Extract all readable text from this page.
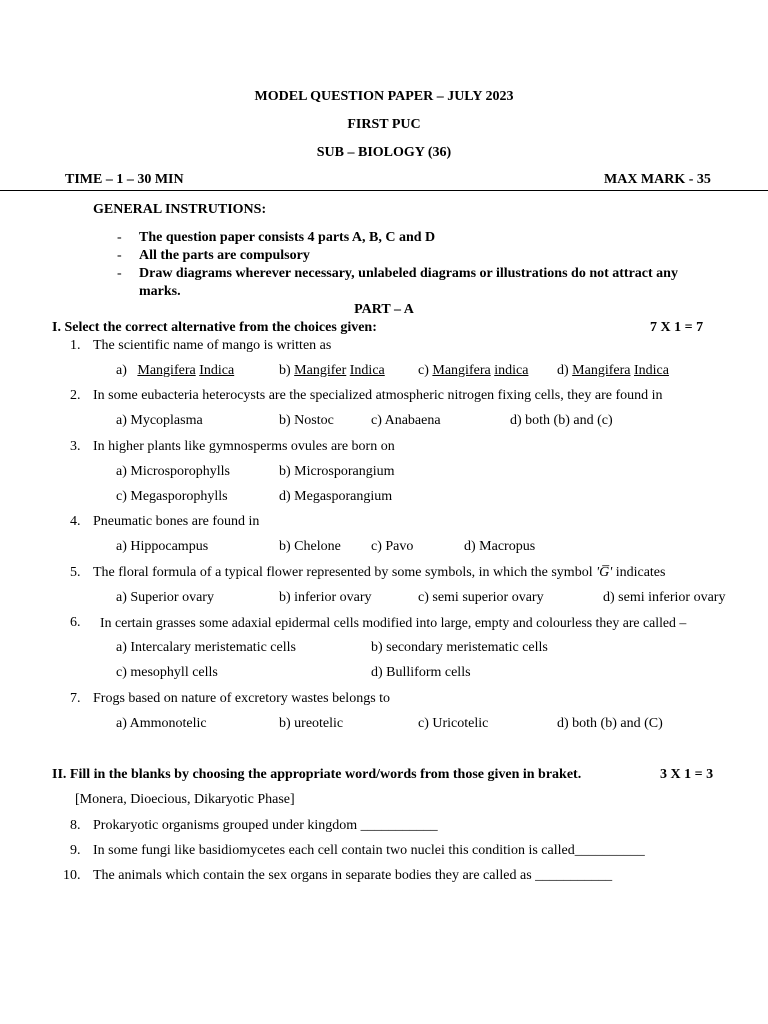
MODEL QUESTION PAPER – JULY 2023
FIRST PUC
SUB – BIOLOGY (36)
TIME – 1 – 30 MIN	MAX MARK - 35
GENERAL INSTRUTIONS:
- The question paper consists 4 parts A, B, C and D
- All the parts are compulsory
- Draw diagrams wherever necessary, unlabeled diagrams or illustrations do not attract any
marks.
PART – A
I. Select the correct alternative from the choices given:	7 X 1 = 7
1. The scientific name of mango is written as
a) Mangifera Indica	b) Mangifer Indica c) Mangifera indica d) Mangifera Indica
2. In some eubacteria heterocysts are the specialized atmospheric nitrogen fixing cells, they are found in
a) Mycoplasma	b) Nostoc	c) Anabaena	d) both (b) and (c)
3. In higher plants like gymnosperms ovules are born on
a) Microsporophylls	b) Microsporangium
c) Megasporophylls	d) Megasporangium
4. Pneumatic bones are found in
a) Hippocampus	b) Chelone c) Pavo	d) Macropus
5. The floral formula of a typical flower represented by some symbols, in which the symbol 'G̅' indicates
a) Superior ovary	b) inferior ovary	c) semi superior ovary	d) semi inferior ovary
6. In certain grasses some adaxial epidermal cells modified into large, empty and colourless they are called –
a) Intercalary meristematic cells	b) secondary meristematic cells
c) mesophyll cells	d) Bulliform cells
7. Frogs based on nature of excretory wastes belongs to
a) Ammonotelic	b) ureotelic	c) Uricotelic	d) both (b) and (C)
II. Fill in the blanks by choosing the appropriate word/words from those given in braket.	3 X 1 = 3
[Monera, Dioecious, Dikaryotic Phase]
8. Prokaryotic organisms grouped under kingdom ___________
9. In some fungi like basidiomycetes each cell contain two nuclei this condition is called__________
10. The animals which contain the sex organs in separate bodies they are called as ___________
